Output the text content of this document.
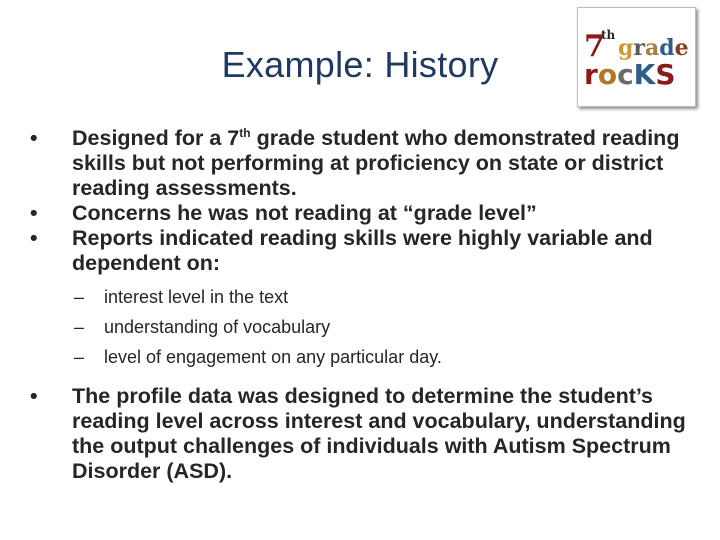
Example: History	7
th grade
rocKS
• Designed for a 7th grade student who demonstrated reading skills but not performing at proficiency on state or district reading assessments.
• Concerns he was not reading at “grade level”
• Reports indicated reading skills were highly variable and dependent on:
– interest level in the text
– understanding of vocabulary
– level of engagement on any particular day.
• The profile data was designed to determine the student’s reading level across interest and vocabulary, understanding the output challenges of individuals with Autism Spectrum Disorder (ASD).
